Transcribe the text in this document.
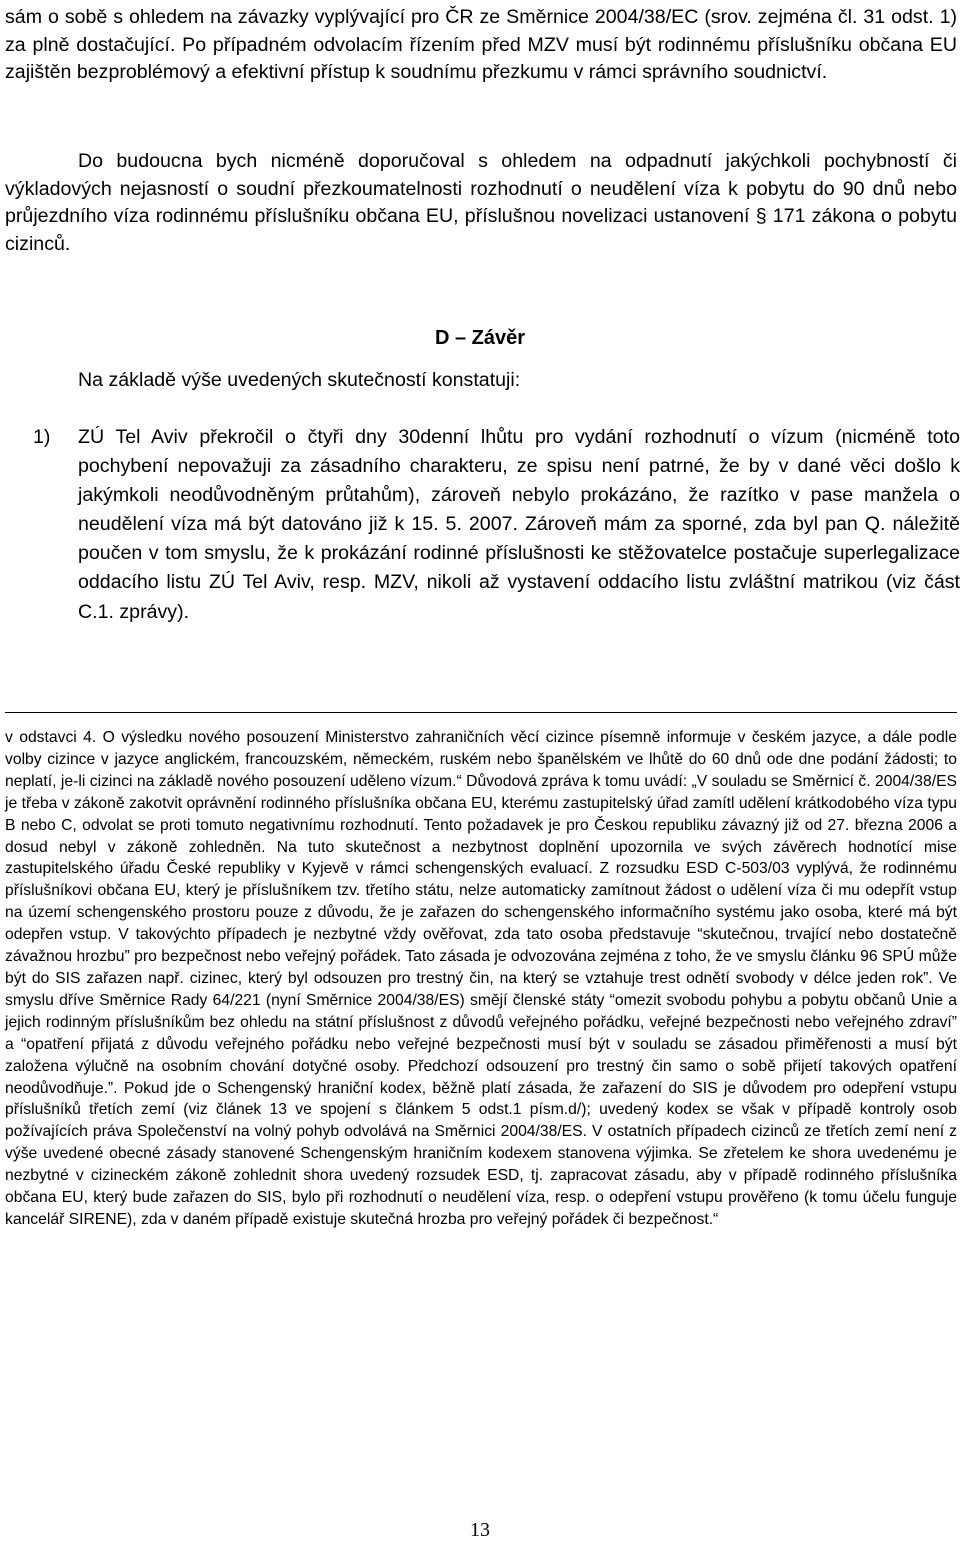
sám o sobě s ohledem na závazky vyplývající pro ČR ze Směrnice 2004/38/EC (srov. zejména čl. 31 odst. 1) za plně dostačující. Po případném odvolacím řízením před MZV musí být rodinnému příslušníku občana EU zajištěn bezproblémový a efektivní přístup k soudnímu přezkumu v rámci správního soudnictví.

Do budoucna bych nicméně doporučoval s ohledem na odpadnutí jakýchkoli pochybností či výkladových nejasností o soudní přezkoumatelnosti rozhodnutí o neudělení víza k pobytu do 90 dnů nebo průjezdního víza rodinnému příslušníku občana EU, příslušnou novelizaci ustanovení § 171 zákona o pobytu cizinců.

D – Závěr
Na základě výše uvedených skutečností konstatuji:
1) ZÚ Tel Aviv překročil o čtyři dny 30denní lhůtu pro vydání rozhodnutí o vízum (nicméně toto pochybení nepovažuji za zásadního charakteru, ze spisu není patrné, že by v dané věci došlo k jakýmkoli neodůvodněným průtahům), zároveň nebylo prokázáno, že razítko v pase manžela o neudělení víza má být datováno již k 15. 5. 2007. Zároveň mám za sporné, zda byl pan Q. náležitě poučen v tom smyslu, že k prokázání rodinné příslušnosti ke stěžovatelce postačuje superlegalizace oddacího listu ZÚ Tel Aviv, resp. MZV, nikoli až vystavení oddacího listu zvláštní matrikou (viz část C.1. zprávy).

v odstavci 4. O výsledku nového posouzení Ministerstvo zahraničních věcí cizince písemně informuje v českém jazyce, a dále podle volby cizince v jazyce anglickém, francouzském, německém, ruském nebo španělském ve lhůtě do 60 dnů ode dne podání žádosti; to neplatí, je-li cizinci na základě nového posouzení uděleno vízum.“ Důvodová zpráva k tomu uvádí: „V souladu se Směrnicí č. 2004/38/ES je třeba v zákoně zakotvit oprávnění rodinného příslušníka občana EU, kterému zastupitelský úřad zamítl udělení krátkodobého víza typu B nebo C, odvolat se proti tomuto negativnímu rozhodnutí. Tento požadavek je pro Českou republiku závazný již od 27. března 2006 a dosud nebyl v zákoně zohledněn. Na tuto skutečnost a nezbytnost doplnění upozornila ve svých závěrech hodnotící mise zastupitelského úřadu České republiky v Kyjevě v rámci schengenských evaluací. Z rozsudku ESD C-503/03 vyplývá, že rodinnému příslušníkovi občana EU, který je příslušníkem tzv. třetího státu, nelze automaticky zamítnout žádost o udělení víza či mu odepřít vstup na území schengenského prostoru pouze z důvodu, že je zařazen do schengenského informačního systému jako osoba, které má být odepřen vstup. V takovýchto případech je nezbytné vždy ověřovat, zda tato osoba představuje “skutečnou, trvající nebo dostatečně závažnou hrozbu” pro bezpečnost nebo veřejný pořádek. Tato zásada je odvozována zejména z toho, že ve smyslu článku 96 SPÚ může být do SIS zařazen např. cizinec, který byl odsouzen pro trestný čin, na který se vztahuje trest odnětí svobody v délce jeden rok”. Ve smyslu dříve Směrnice Rady 64/221 (nyní Směrnice 2004/38/ES) smějí členské státy “omezit svobodu pohybu a pobytu občanů Unie a jejich rodinným příslušníkům bez ohledu na státní příslušnost z důvodů veřejného pořádku, veřejné bezpečnosti nebo veřejného zdraví” a “opatření přijatá z důvodu veřejného pořádku nebo veřejné bezpečnosti musí být v souladu se zásadou přiměřenosti a musí být založena výlučně na osobním chování dotyčné osoby. Předchozí odsouzení pro trestný čin samo o sobě přijetí takových opatření neodůvodňuje.”. Pokud jde o Schengenský hraniční kodex, běžně platí zásada, že zařazení do SIS je důvodem pro odepření vstupu příslušníků třetích zemí (viz článek 13 ve spojení s článkem 5 odst.1 písm.d/); uvedený kodex se však v případě kontroly osob požívajících práva Společenství na volný pohyb odvolává na Směrnici 2004/38/ES. V ostatních případech cizinců ze třetích zemí není z výše uvedené obecné zásady stanovené Schengenským hraničním kodexem stanovena výjimka. Se zřetelem ke shora uvedenému je nezbytné v cizineckém zákoně zohlednit shora uvedený rozsudek ESD, tj. zapracovat zásadu, aby v případě rodinného příslušníka občana EU, který bude zařazen do SIS, bylo při rozhodnutí o neudělení víza, resp. o odepření vstupu prověřeno (k tomu účelu funguje kancelář SIRENE), zda v daném případě existuje skutečná hrozba pro veřejný pořádek či bezpečnost.“

13
